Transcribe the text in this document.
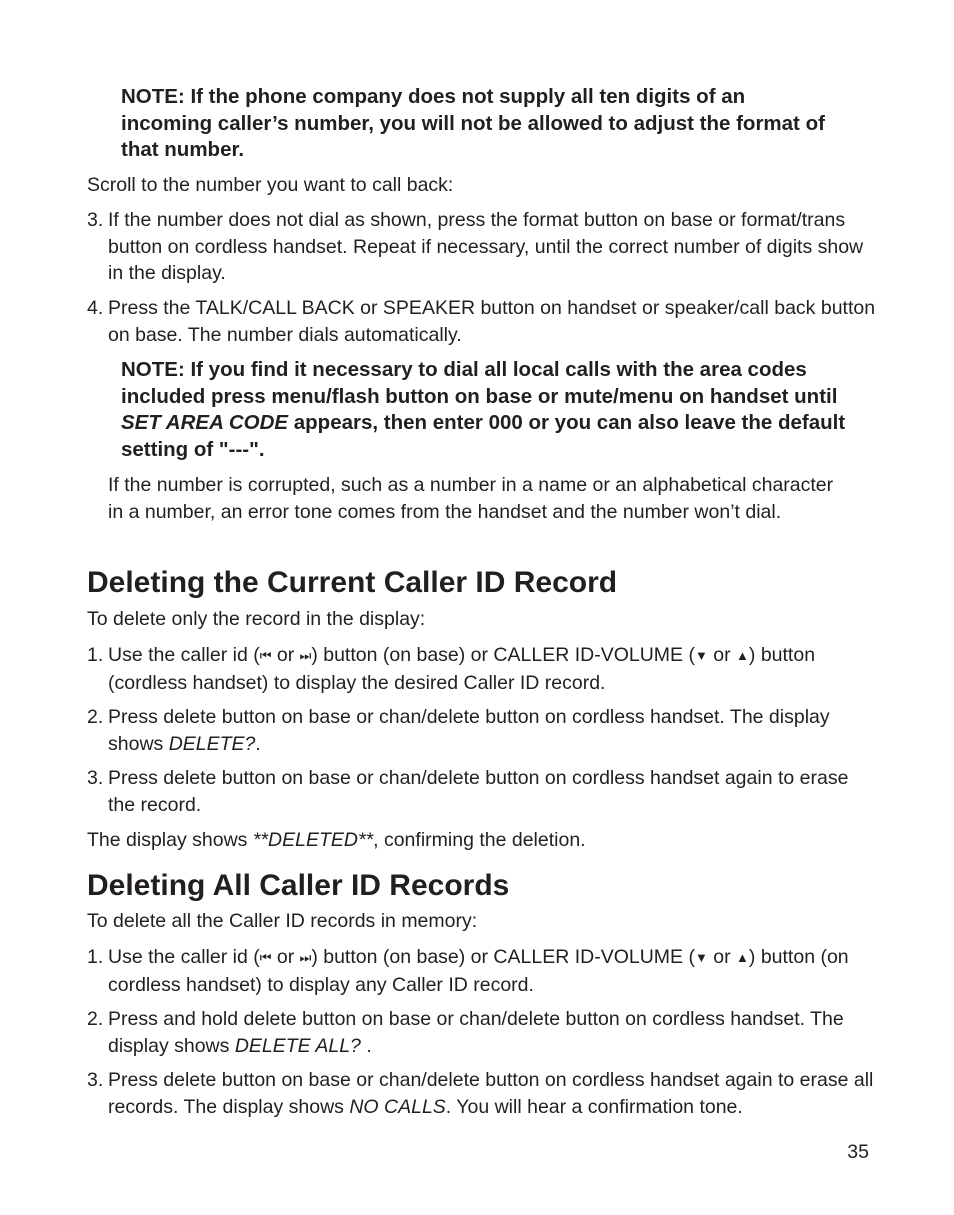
NOTE: If the phone company does not supply all ten digits of an incoming caller’s number, you will not be allowed to adjust the format of that number.
Scroll to the number you want to call back:
3. If the number does not dial as shown, press the format button on base or format/trans button on cordless handset. Repeat if necessary, until the correct number of digits show in the display.
4. Press the TALK/CALL BACK or SPEAKER button on handset or speaker/call back button on base. The number dials automatically.
NOTE: If you find it necessary to dial all local calls with the area codes included press menu/flash button on base or mute/menu on handset until SET AREA CODE appears, then enter 000 or you can also leave the default setting of "---".
If the number is corrupted, such as a number in a name or an alphabetical character in a number, an error tone comes from the handset and the number won’t dial.
Deleting the Current Caller ID Record
To delete only the record in the display:
1. Use the caller id (⏮ or ⏭) button (on base) or CALLER ID-VOLUME (▼ or ▲) button (cordless handset) to display the desired Caller ID record.
2. Press delete button on base or chan/delete button on cordless handset. The display shows DELETE?.
3. Press delete button on base or chan/delete button on cordless handset again to erase the record.
The display shows **DELETED**, confirming the deletion.
Deleting All Caller ID Records
To delete all the Caller ID records in memory:
1. Use the caller id (⏮ or ⏭) button (on base) or CALLER ID-VOLUME (▼ or ▲) button (on cordless handset) to display any Caller ID record.
2. Press and hold delete button on base or chan/delete button on cordless handset. The display shows DELETE ALL? .
3. Press delete button on base or chan/delete button on cordless handset again to erase all records. The display shows NO CALLS. You will hear a confirmation tone.
35
